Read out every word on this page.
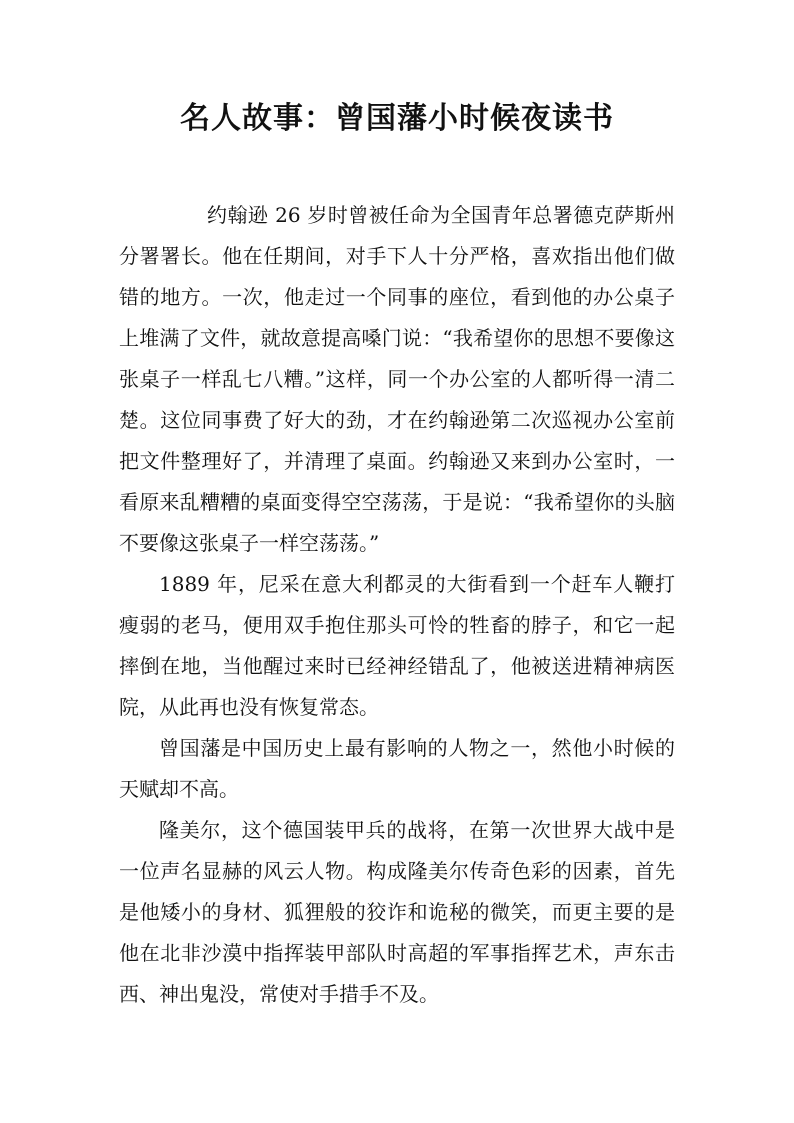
名人故事：曾国藩小时候夜读书

约翰逊 26 岁时曾被任命为全国青年总署德克萨斯州分署署长。他在任期间，对手下人十分严格，喜欢指出他们做错的地方。一次，他走过一个同事的座位，看到他的办公桌子上堆满了文件，就故意提高嗓门说：“我希望你的思想不要像这张桌子一样乱七八糟。”这样，同一个办公室的人都听得一清二楚。这位同事费了好大的劲，才在约翰逊第二次巡视办公室前把文件整理好了，并清理了桌面。约翰逊又来到办公室时，一看原来乱糟糟的桌面变得空空荡荡，于是说：“我希望你的头脑不要像这张桌子一样空荡荡。”

1889 年，尼采在意大利都灵的大街看到一个赶车人鞭打瘦弱的老马，便用双手抱住那头可怜的牲畜的脖子，和它一起摔倒在地，当他醒过来时已经神经错乱了，他被送进精神病医院，从此再也没有恢复常态。

曾国藩是中国历史上最有影响的人物之一，然他小时候的天赋却不高。

隆美尔，这个德国装甲兵的战将，在第一次世界大战中是一位声名显赫的风云人物。构成隆美尔传奇色彩的因素，首先是他矮小的身材、狐狸般的狡诈和诡秘的微笑，而更主要的是他在北非沙漠中指挥装甲部队时高超的军事指挥艺术，声东击西、神出鬼没，常使对手措手不及。
